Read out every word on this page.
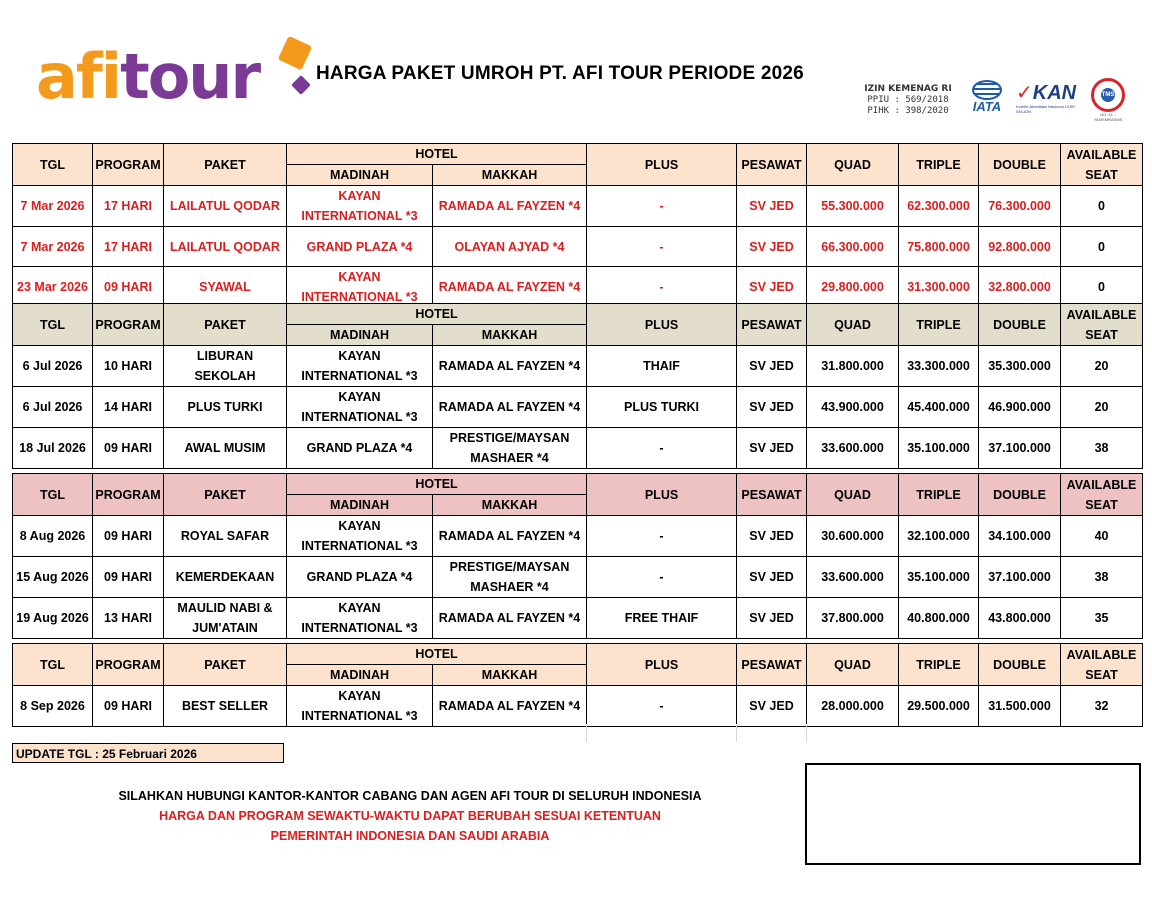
afitour	HARGA PAKET UMROH PT. AFI TOUR PERIODE 2026
IZIN KEMENAG RI
PPIU : 569/2018
PIHK : 398/2020	IATA
✓KAN
Komite Akreditasi Nasional LSSP-045-IDN
TMS
NO. KL - YAMSMRASMS
TGL	PROGRAM	PAKET	HOTEL		PLUS	PESAWAT	QUAD	TRIPLE	DOUBLE	AVAILABLE SEAT
			MADINAH	MAKKAH						
7 Mar 2026	17 HARI	LAILATUL QODAR	KAYAN INTERNATIONAL *3	RAMADA AL FAYZEN *4	-	SV JED	55.300.000	62.300.000	76.300.000	0
7 Mar 2026	17 HARI	LAILATUL QODAR	GRAND PLAZA *4	OLAYAN AJYAD *4	-	SV JED	66.300.000	75.800.000	92.800.000	0
23 Mar 2026	09 HARI	SYAWAL	KAYAN INTERNATIONAL *3	RAMADA AL FAYZEN *4	-	SV JED	29.800.000	31.300.000	32.800.000	0
TGL	PROGRAM	PAKET	HOTEL		PLUS	PESAWAT	QUAD	TRIPLE	DOUBLE	AVAILABLE SEAT
			MADINAH	MAKKAH						
6 Jul 2026	10 HARI	LIBURAN SEKOLAH	KAYAN INTERNATIONAL *3	RAMADA AL FAYZEN *4	THAIF	SV JED	31.800.000	33.300.000	35.300.000	20
6 Jul 2026	14 HARI	PLUS TURKI	KAYAN INTERNATIONAL *3	RAMADA AL FAYZEN *4	PLUS TURKI	SV JED	43.900.000	45.400.000	46.900.000	20
18 Jul 2026	09 HARI	AWAL MUSIM	GRAND PLAZA *4	PRESTIGE/MAYSAN MASHAER *4	-	SV JED	33.600.000	35.100.000	37.100.000	38
TGL	PROGRAM	PAKET	HOTEL		PLUS	PESAWAT	QUAD	TRIPLE	DOUBLE	AVAILABLE SEAT
			MADINAH	MAKKAH						
8 Aug 2026	09 HARI	ROYAL SAFAR	KAYAN INTERNATIONAL *3	RAMADA AL FAYZEN *4	-	SV JED	30.600.000	32.100.000	34.100.000	40
15 Aug 2026	09 HARI	KEMERDEKAAN	GRAND PLAZA *4	PRESTIGE/MAYSAN MASHAER *4	-	SV JED	33.600.000	35.100.000	37.100.000	38
19 Aug 2026	13 HARI	MAULID NABI & JUM'ATAIN	KAYAN INTERNATIONAL *3	RAMADA AL FAYZEN *4	FREE THAIF	SV JED	37.800.000	40.800.000	43.800.000	35
TGL	PROGRAM	PAKET	HOTEL		PLUS	PESAWAT	QUAD	TRIPLE	DOUBLE	AVAILABLE SEAT
			MADINAH	MAKKAH						
8 Sep 2026	09 HARI	BEST SELLER	KAYAN INTERNATIONAL *3	RAMADA AL FAYZEN *4	-	SV JED	28.000.000	29.500.000	31.500.000	32
UPDATE TGL : 25 Februari 2026
SILAHKAN HUBUNGI KANTOR-KANTOR CABANG DAN AGEN AFI TOUR DI SELURUH INDONESIA
HARGA DAN PROGRAM SEWAKTU-WAKTU DAPAT BERUBAH SESUAI KETENTUAN
PEMERINTAH INDONESIA DAN SAUDI ARABIA
